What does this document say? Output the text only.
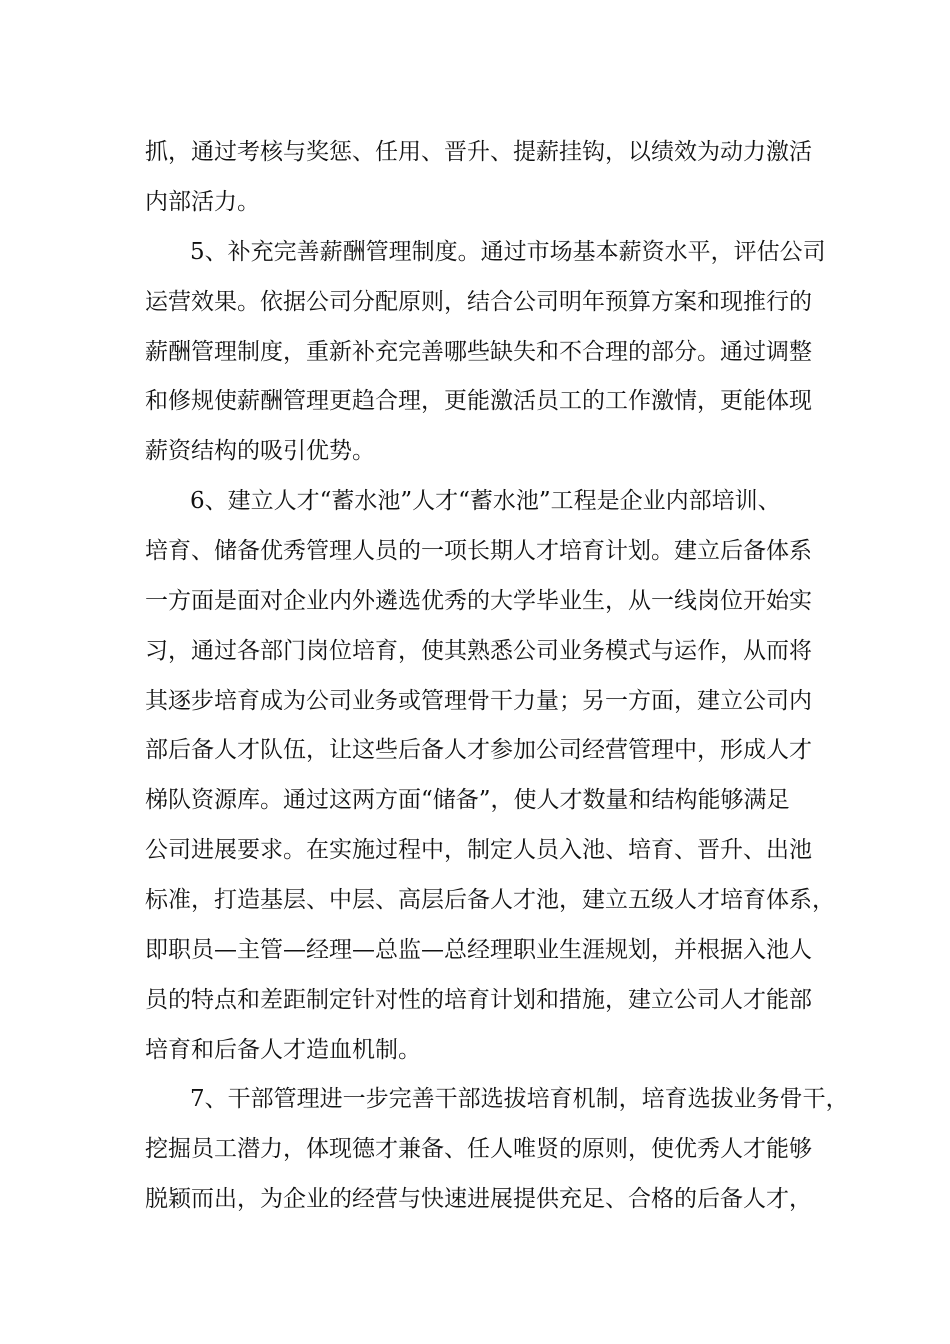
抓，通过考核与奖惩、任用、晋升、提薪挂钩，以绩效为动力激活
内部活力。
5、补充完善薪酬管理制度。通过市场基本薪资水平，评估公司
运营效果。依据公司分配原则，结合公司明年预算方案和现推行的
薪酬管理制度，重新补充完善哪些缺失和不合理的部分。通过调整
和修规使薪酬管理更趋合理，更能激活员工的工作激情，更能体现
薪资结构的吸引优势。
6、建立人才“蓄水池”人才“蓄水池”工程是企业内部培训、
培育、储备优秀管理人员的一项长期人才培育计划。建立后备体系
一方面是面对企业内外遴选优秀的大学毕业生，从一线岗位开始实
习，通过各部门岗位培育，使其熟悉公司业务模式与运作，从而将
其逐步培育成为公司业务或管理骨干力量；另一方面，建立公司内
部后备人才队伍，让这些后备人才参加公司经营管理中，形成人才
梯队资源库。通过这两方面“储备”，使人才数量和结构能够满足
公司进展要求。在实施过程中，制定人员入池、培育、晋升、出池
标准，打造基层、中层、高层后备人才池，建立五级人才培育体系，
即职员—主管—经理—总监—总经理职业生涯规划，并根据入池人
员的特点和差距制定针对性的培育计划和措施，建立公司人才能部
培育和后备人才造血机制。
7、干部管理进一步完善干部选拔培育机制，培育选拔业务骨干，
挖掘员工潜力，体现德才兼备、任人唯贤的原则，使优秀人才能够
脱颖而出，为企业的经营与快速进展提供充足、合格的后备人才，
